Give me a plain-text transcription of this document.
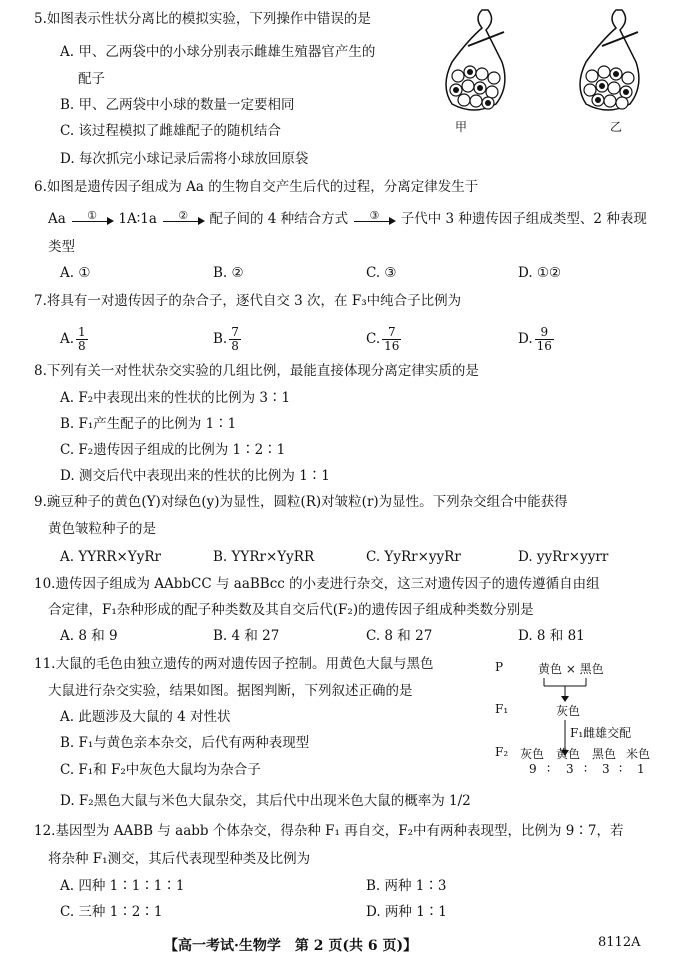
5.如图表示性状分离比的模拟实验，下列操作中错误的是
A. 甲、乙两袋中的小球分别表示雌雄生殖器官产生的
配子
B. 甲、乙两袋中小球的数量一定要相同
C. 该过程模拟了雌雄配子的随机结合
D. 每次抓完小球记录后需将小球放回原袋
甲	乙
6.如图是遗传因子组成为 Aa 的生物自交产生后代的过程，分离定律发生于
Aa	①	1A∶1a	②	配子间的 4 种结合方式	③	子代中 3 种遗传因子组成类型、2 种表现
类型
A. ①	B. ②	C. ③	D. ①②
7.将具有一对遗传因子的杂合子，逐代自交 3 次，在 F₃中纯合子比例为
A. $\frac{1}{8}$	B. $\frac{7}{8}$	C. $\frac{7}{16}$	D. $\frac{9}{16}$
8.下列有关一对性状杂交实验的几组比例，最能直接体现分离定律实质的是
A. F₂中表现出来的性状的比例为 3∶1
B. F₁产生配子的比例为 1∶1
C. F₂遗传因子组成的比例为 1∶2∶1
D. 测交后代中表现出来的性状的比例为 1∶1
9.豌豆种子的黄色(Y)对绿色(y)为显性，圆粒(R)对皱粒(r)为显性。下列杂交组合中能获得
黄色皱粒种子的是
A. YYRR×YyRr	B. YYRr×YyRR	C. YyRr×yyRr	D. yyRr×yyrr
10.遗传因子组成为 AAbbCC 与 aaBBcc 的小麦进行杂交，这三对遗传因子的遗传遵循自由组
合定律，F₁杂种形成的配子种类数及其自交后代(F₂)的遗传因子组成种类数分别是
A. 8 和 9	B. 4 和 27	C. 8 和 27	D. 8 和 81
11.大鼠的毛色由独立遗传的两对遗传因子控制。用黄色大鼠与黑色
大鼠进行杂交实验，结果如图。据图判断，下列叙述正确的是
A. 此题涉及大鼠的 4 对性状
B. F₁与黄色亲本杂交，后代有两种表现型
C. F₁和 F₂中灰色大鼠均为杂合子
D. F₂黑色大鼠与米色大鼠杂交，其后代中出现米色大鼠的概率为 1/2
P	黄色 × 黑色
F₁	灰色
F₁雌雄交配
F₂ 灰色 黄色 黑色 米色
9 ∶ 3 ∶ 3 ∶ 1
12.基因型为 AABB 与 aabb 个体杂交，得杂种 F₁ 再自交，F₂中有两种表现型，比例为 9∶7，若
将杂种 F₁测交，其后代表现型种类及比例为
A. 四种 1∶1∶1∶1	B. 两种 1∶3
C. 三种 1∶2∶1	D. 两种 1∶1
【高一考试·生物学　第 2 页(共 6 页)】	8112A
